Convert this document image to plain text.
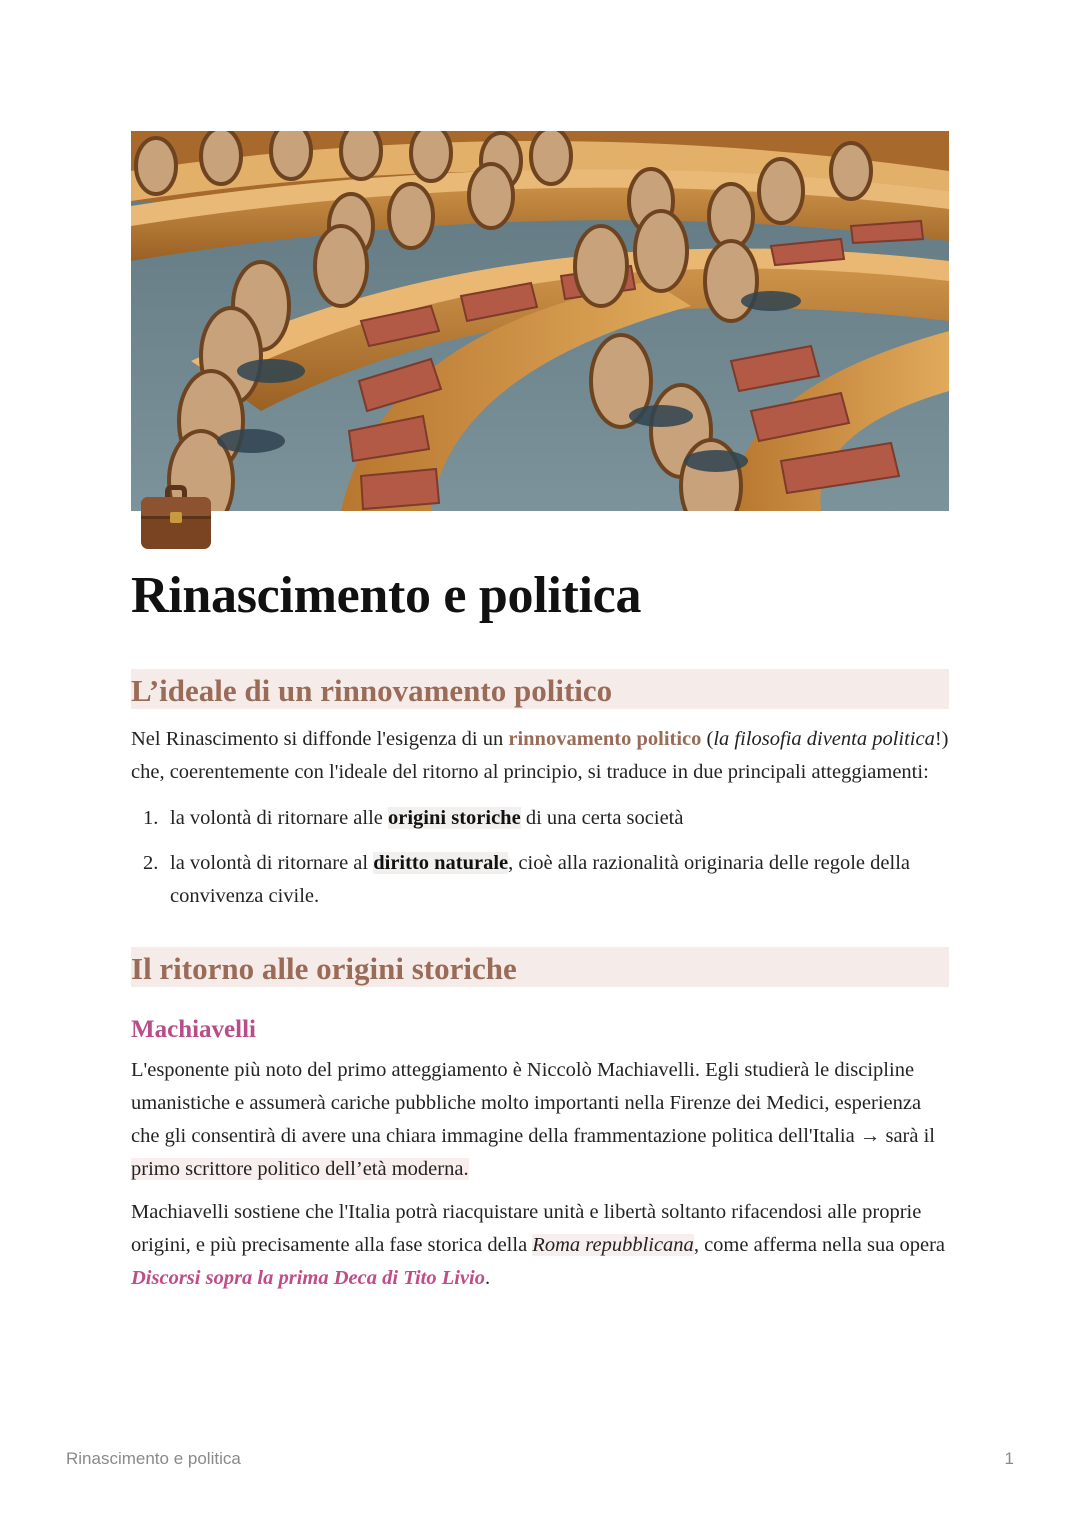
Rinascimento e politica
L’ideale di un rinnovamento politico

Nel Rinascimento si diffonde l'esigenza di un rinnovamento politico (la filosofia diventa politica!) che, coerentemente con l'ideale del ritorno al principio, si traduce in due principali atteggiamenti:

1. la volontà di ritornare alle origini storiche di una certa società
2. la volontà di ritornare al diritto naturale, cioè alla razionalità originaria delle regole della convivenza civile.
Il ritorno alle origini storiche
Machiavelli

L'esponente più noto del primo atteggiamento è Niccolò Machiavelli. Egli studierà le discipline umanistiche e assumerà cariche pubbliche molto importanti nella Firenze dei Medici, esperienza che gli consentirà di avere una chiara immagine della frammentazione politica dell'Italia → sarà il primo scrittore politico dell’età moderna.

Machiavelli sostiene che l'Italia potrà riacquistare unità e libertà soltanto rifacendosi alle proprie origini, e più precisamente alla fase storica della Roma repubblicana, come afferma nella sua opera Discorsi sopra la prima Deca di Tito Livio.

Rinascimento e politica	1
